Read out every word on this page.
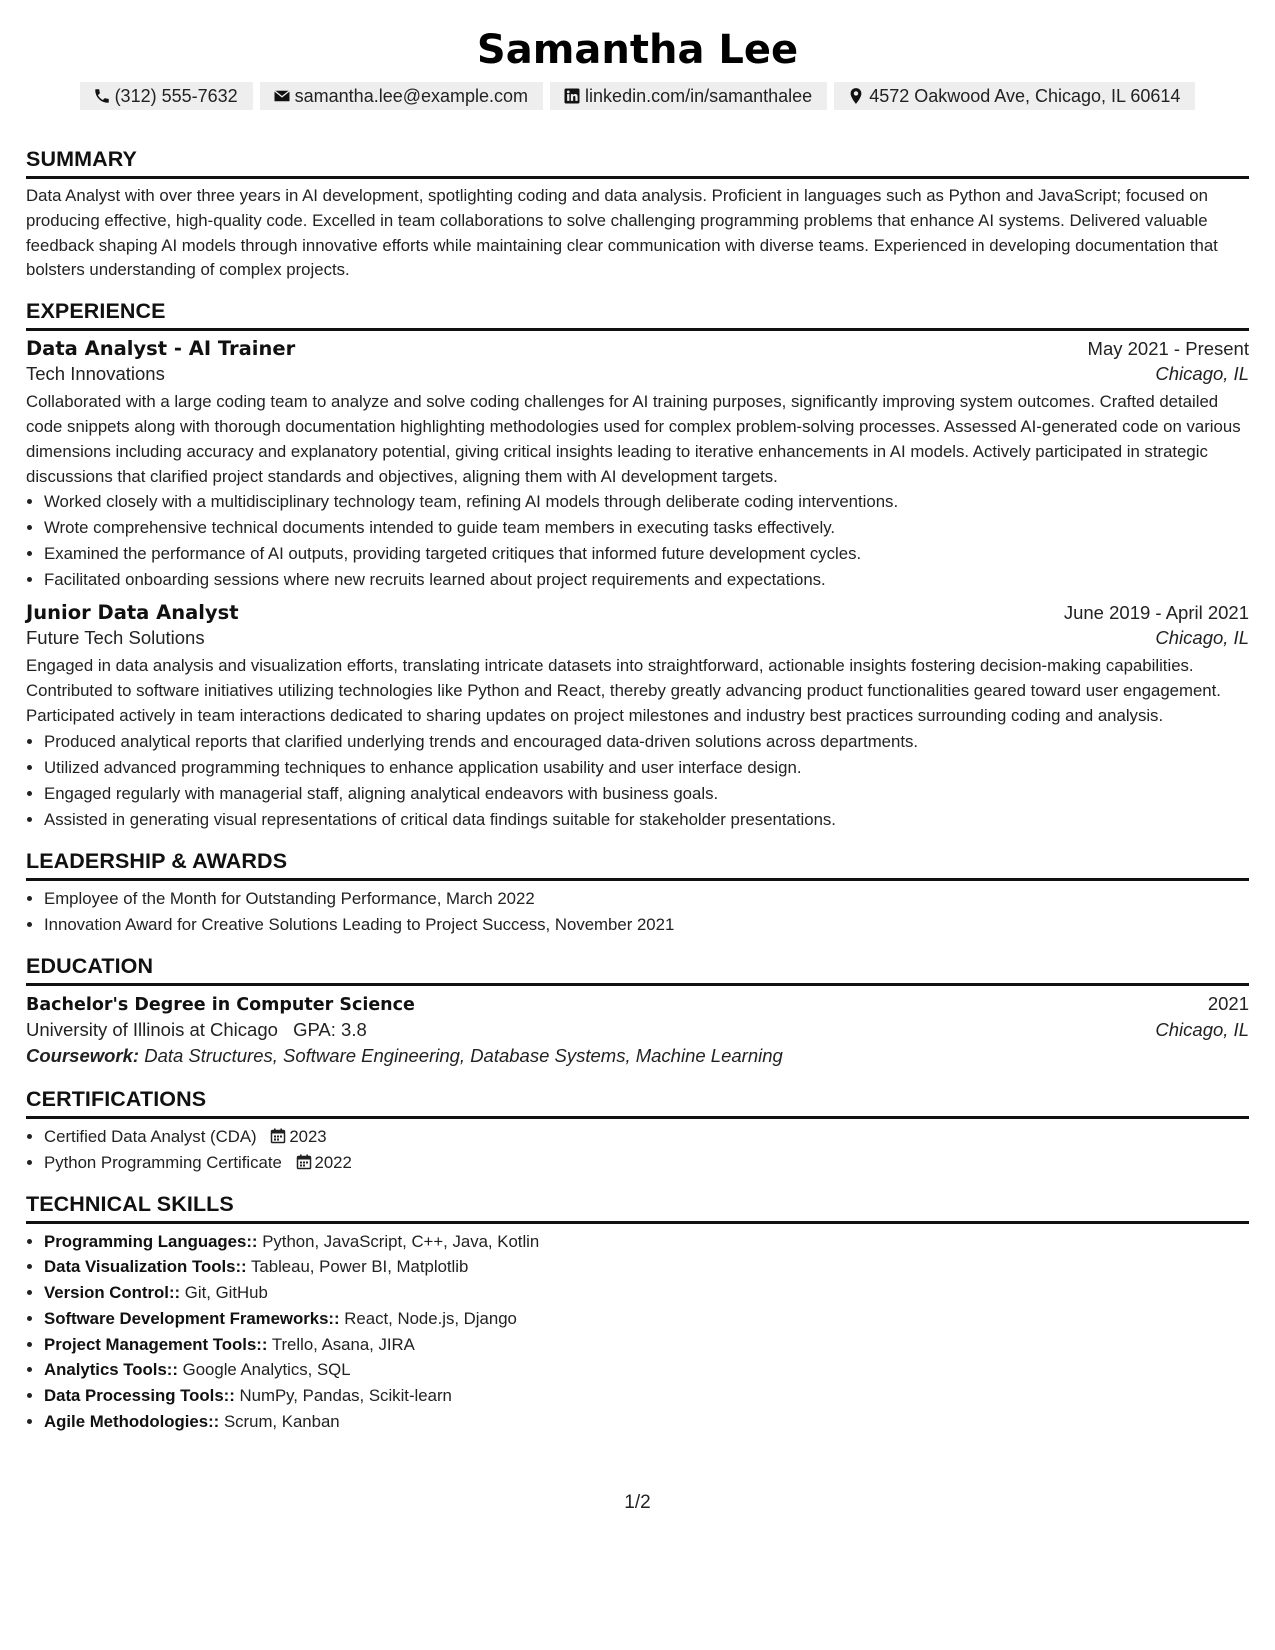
Samantha Lee
(312) 555-7632	samantha.lee@example.com	linkedin.com/in/samanthalee	4572 Oakwood Ave, Chicago, IL 60614
SUMMARY
Data Analyst with over three years in AI development, spotlighting coding and data analysis. Proficient in languages such as Python and JavaScript; focused on producing effective, high-quality code. Excelled in team collaborations to solve challenging programming problems that enhance AI systems. Delivered valuable feedback shaping AI models through innovative efforts while maintaining clear communication with diverse teams. Experienced in developing documentation that bolsters understanding of complex projects.
EXPERIENCE
Data Analyst - AI Trainer	May 2021 - Present
Tech Innovations	Chicago, IL
Collaborated with a large coding team to analyze and solve coding challenges for AI training purposes, significantly improving system outcomes. Crafted detailed code snippets along with thorough documentation highlighting methodologies used for complex problem-solving processes. Assessed AI-generated code on various dimensions including accuracy and explanatory potential, giving critical insights leading to iterative enhancements in AI models. Actively participated in strategic discussions that clarified project standards and objectives, aligning them with AI development targets.
• Worked closely with a multidisciplinary technology team, refining AI models through deliberate coding interventions.
• Wrote comprehensive technical documents intended to guide team members in executing tasks effectively.
• Examined the performance of AI outputs, providing targeted critiques that informed future development cycles.
• Facilitated onboarding sessions where new recruits learned about project requirements and expectations.
Junior Data Analyst	June 2019 - April 2021
Future Tech Solutions	Chicago, IL
Engaged in data analysis and visualization efforts, translating intricate datasets into straightforward, actionable insights fostering decision-making capabilities. Contributed to software initiatives utilizing technologies like Python and React, thereby greatly advancing product functionalities geared toward user engagement. Participated actively in team interactions dedicated to sharing updates on project milestones and industry best practices surrounding coding and analysis.
• Produced analytical reports that clarified underlying trends and encouraged data-driven solutions across departments.
• Utilized advanced programming techniques to enhance application usability and user interface design.
• Engaged regularly with managerial staff, aligning analytical endeavors with business goals.
• Assisted in generating visual representations of critical data findings suitable for stakeholder presentations.
LEADERSHIP & AWARDS
• Employee of the Month for Outstanding Performance, March 2022
• Innovation Award for Creative Solutions Leading to Project Success, November 2021
EDUCATION
Bachelor's Degree in Computer Science	2021
University of Illinois at Chicago GPA: 3.8	Chicago, IL
Coursework: Data Structures, Software Engineering, Database Systems, Machine Learning
CERTIFICATIONS
• Certified Data Analyst (CDA) 2023
• Python Programming Certificate 2022
TECHNICAL SKILLS
• Programming Languages:: Python, JavaScript, C++, Java, Kotlin
• Data Visualization Tools:: Tableau, Power BI, Matplotlib
• Version Control:: Git, GitHub
• Software Development Frameworks:: React, Node.js, Django
• Project Management Tools:: Trello, Asana, JIRA
• Analytics Tools:: Google Analytics, SQL
• Data Processing Tools:: NumPy, Pandas, Scikit-learn
• Agile Methodologies:: Scrum, Kanban
1/2
